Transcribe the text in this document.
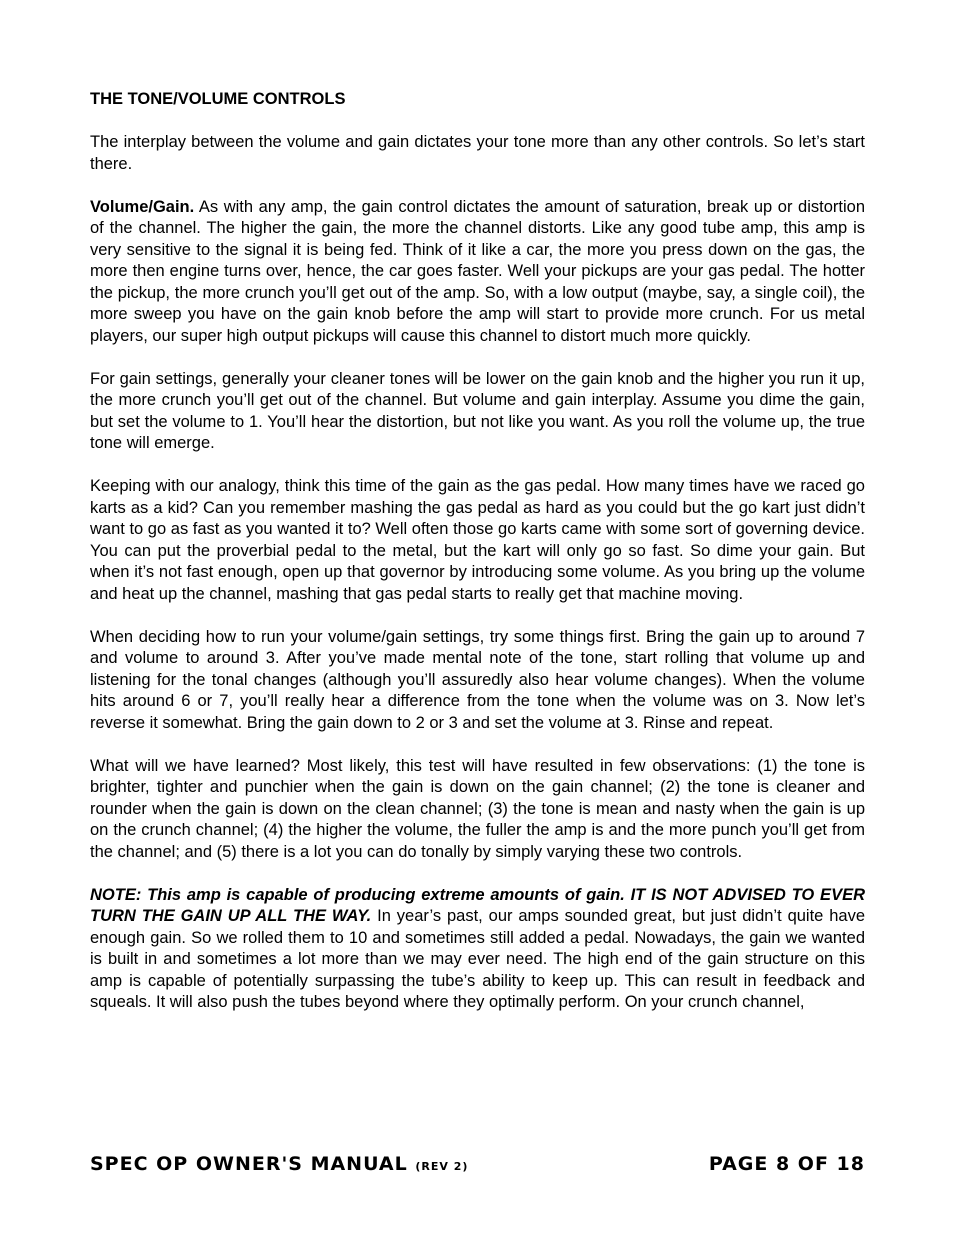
THE TONE/VOLUME CONTROLS

The interplay between the volume and gain dictates your tone more than any other controls. So let’s start there.

Volume/Gain. As with any amp, the gain control dictates the amount of saturation, break up or distortion of the channel. The higher the gain, the more the channel distorts. Like any good tube amp, this amp is very sensitive to the signal it is being fed. Think of it like a car, the more you press down on the gas, the more then engine turns over, hence, the car goes faster. Well your pickups are your gas pedal. The hotter the pickup, the more crunch you’ll get out of the amp. So, with a low output (maybe, say, a single coil), the more sweep you have on the gain knob before the amp will start to provide more crunch. For us metal players, our super high output pickups will cause this channel to distort much more quickly.

For gain settings, generally your cleaner tones will be lower on the gain knob and the higher you run it up, the more crunch you’ll get out of the channel. But volume and gain interplay. Assume you dime the gain, but set the volume to 1. You’ll hear the distortion, but not like you want. As you roll the volume up, the true tone will emerge.

Keeping with our analogy, think this time of the gain as the gas pedal. How many times have we raced go karts as a kid? Can you remember mashing the gas pedal as hard as you could but the go kart just didn’t want to go as fast as you wanted it to? Well often those go karts came with some sort of governing device. You can put the proverbial pedal to the metal, but the kart will only go so fast. So dime your gain. But when it’s not fast enough, open up that governor by introducing some volume. As you bring up the volume and heat up the channel, mashing that gas pedal starts to really get that machine moving.

When deciding how to run your volume/gain settings, try some things first. Bring the gain up to around 7 and volume to around 3. After you’ve made mental note of the tone, start rolling that volume up and listening for the tonal changes (although you’ll assuredly also hear volume changes). When the volume hits around 6 or 7, you’ll really hear a difference from the tone when the volume was on 3. Now let’s reverse it somewhat. Bring the gain down to 2 or 3 and set the volume at 3. Rinse and repeat.

What will we have learned? Most likely, this test will have resulted in few observations: (1) the tone is brighter, tighter and punchier when the gain is down on the gain channel; (2) the tone is cleaner and rounder when the gain is down on the clean channel; (3) the tone is mean and nasty when the gain is up on the crunch channel; (4) the higher the volume, the fuller the amp is and the more punch you’ll get from the channel; and (5) there is a lot you can do tonally by simply varying these two controls.

NOTE: This amp is capable of producing extreme amounts of gain. IT IS NOT ADVISED TO EVER TURN THE GAIN UP ALL THE WAY. In year’s past, our amps sounded great, but just didn’t quite have enough gain. So we rolled them to 10 and sometimes still added a pedal. Nowadays, the gain we wanted is built in and sometimes a lot more than we may ever need. The high end of the gain structure on this amp is capable of potentially surpassing the tube’s ability to keep up. This can result in feedback and squeals. It will also push the tubes beyond where they optimally perform. On your crunch channel,

SPEC OP OWNER'S MANUAL (REV 2)	PAGE 8 OF 18
